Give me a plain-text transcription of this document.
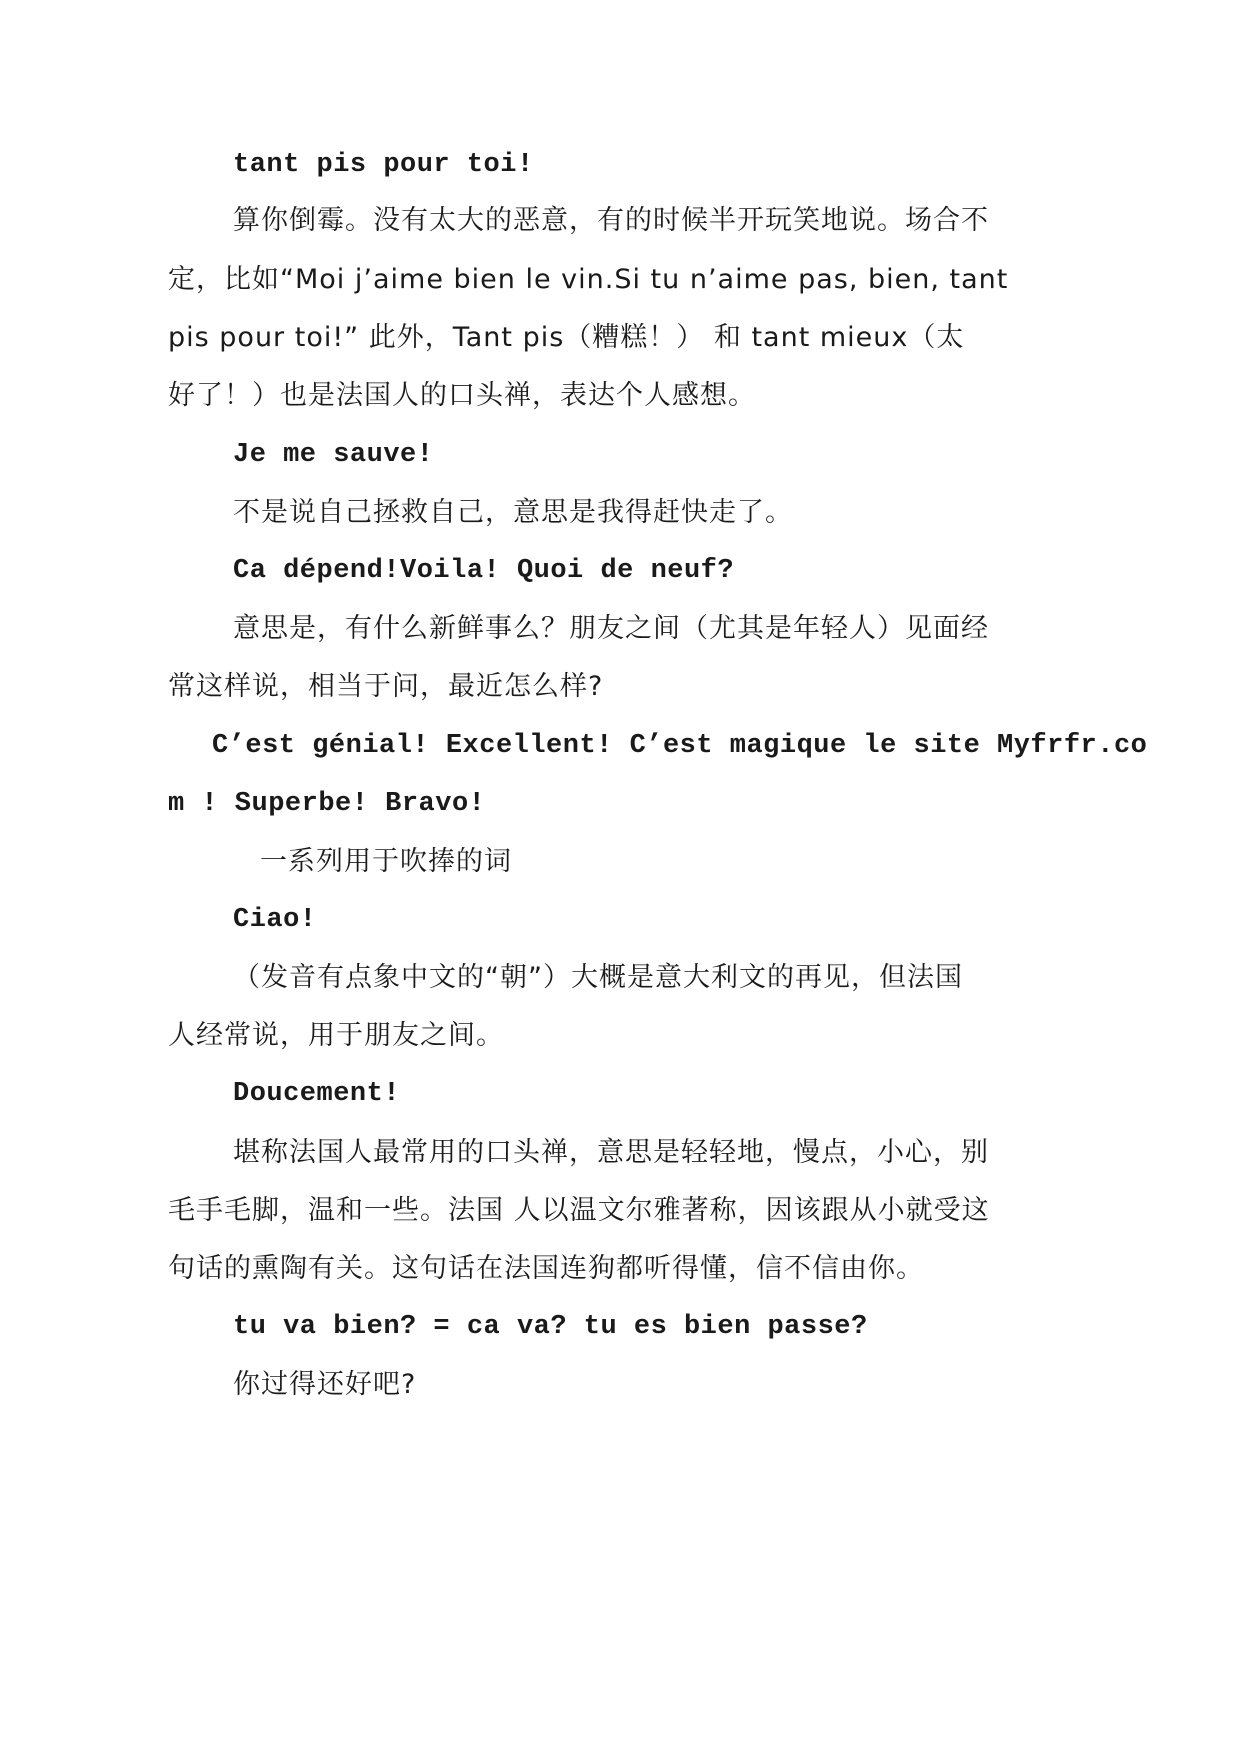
tant pis pour toi!
算你倒霉。没有太大的恶意，有的时候半开玩笑地说。场合不
定，比如“Moi j’aime bien le vin.Si tu n’aime pas, bien, tant
pis pour toi!” 此外，Tant pis（糟糕！） 和 tant mieux（太
好了！）也是法国人的口头禅，表达个人感想。
Je me sauve!
不是说自己拯救自己，意思是我得赶快走了。
Ca dépend!Voila! Quoi de neuf?
意思是，有什么新鲜事么？朋友之间（尤其是年轻人）见面经
常这样说，相当于问，最近怎么样?
C’est génial! Excellent! C’est magique le site Myfrfr.co
m ! Superbe! Bravo!
一系列用于吹捧的词
Ciao!
（发音有点象中文的“朝”）大概是意大利文的再见，但法国
人经常说，用于朋友之间。
Doucement!
堪称法国人最常用的口头禅，意思是轻轻地，慢点，小心，别
毛手毛脚，温和一些。法国 人以温文尔雅著称，因该跟从小就受这
句话的熏陶有关。这句话在法国连狗都听得懂，信不信由你。
tu va bien? = ca va? tu es bien passe?
你过得还好吧?
